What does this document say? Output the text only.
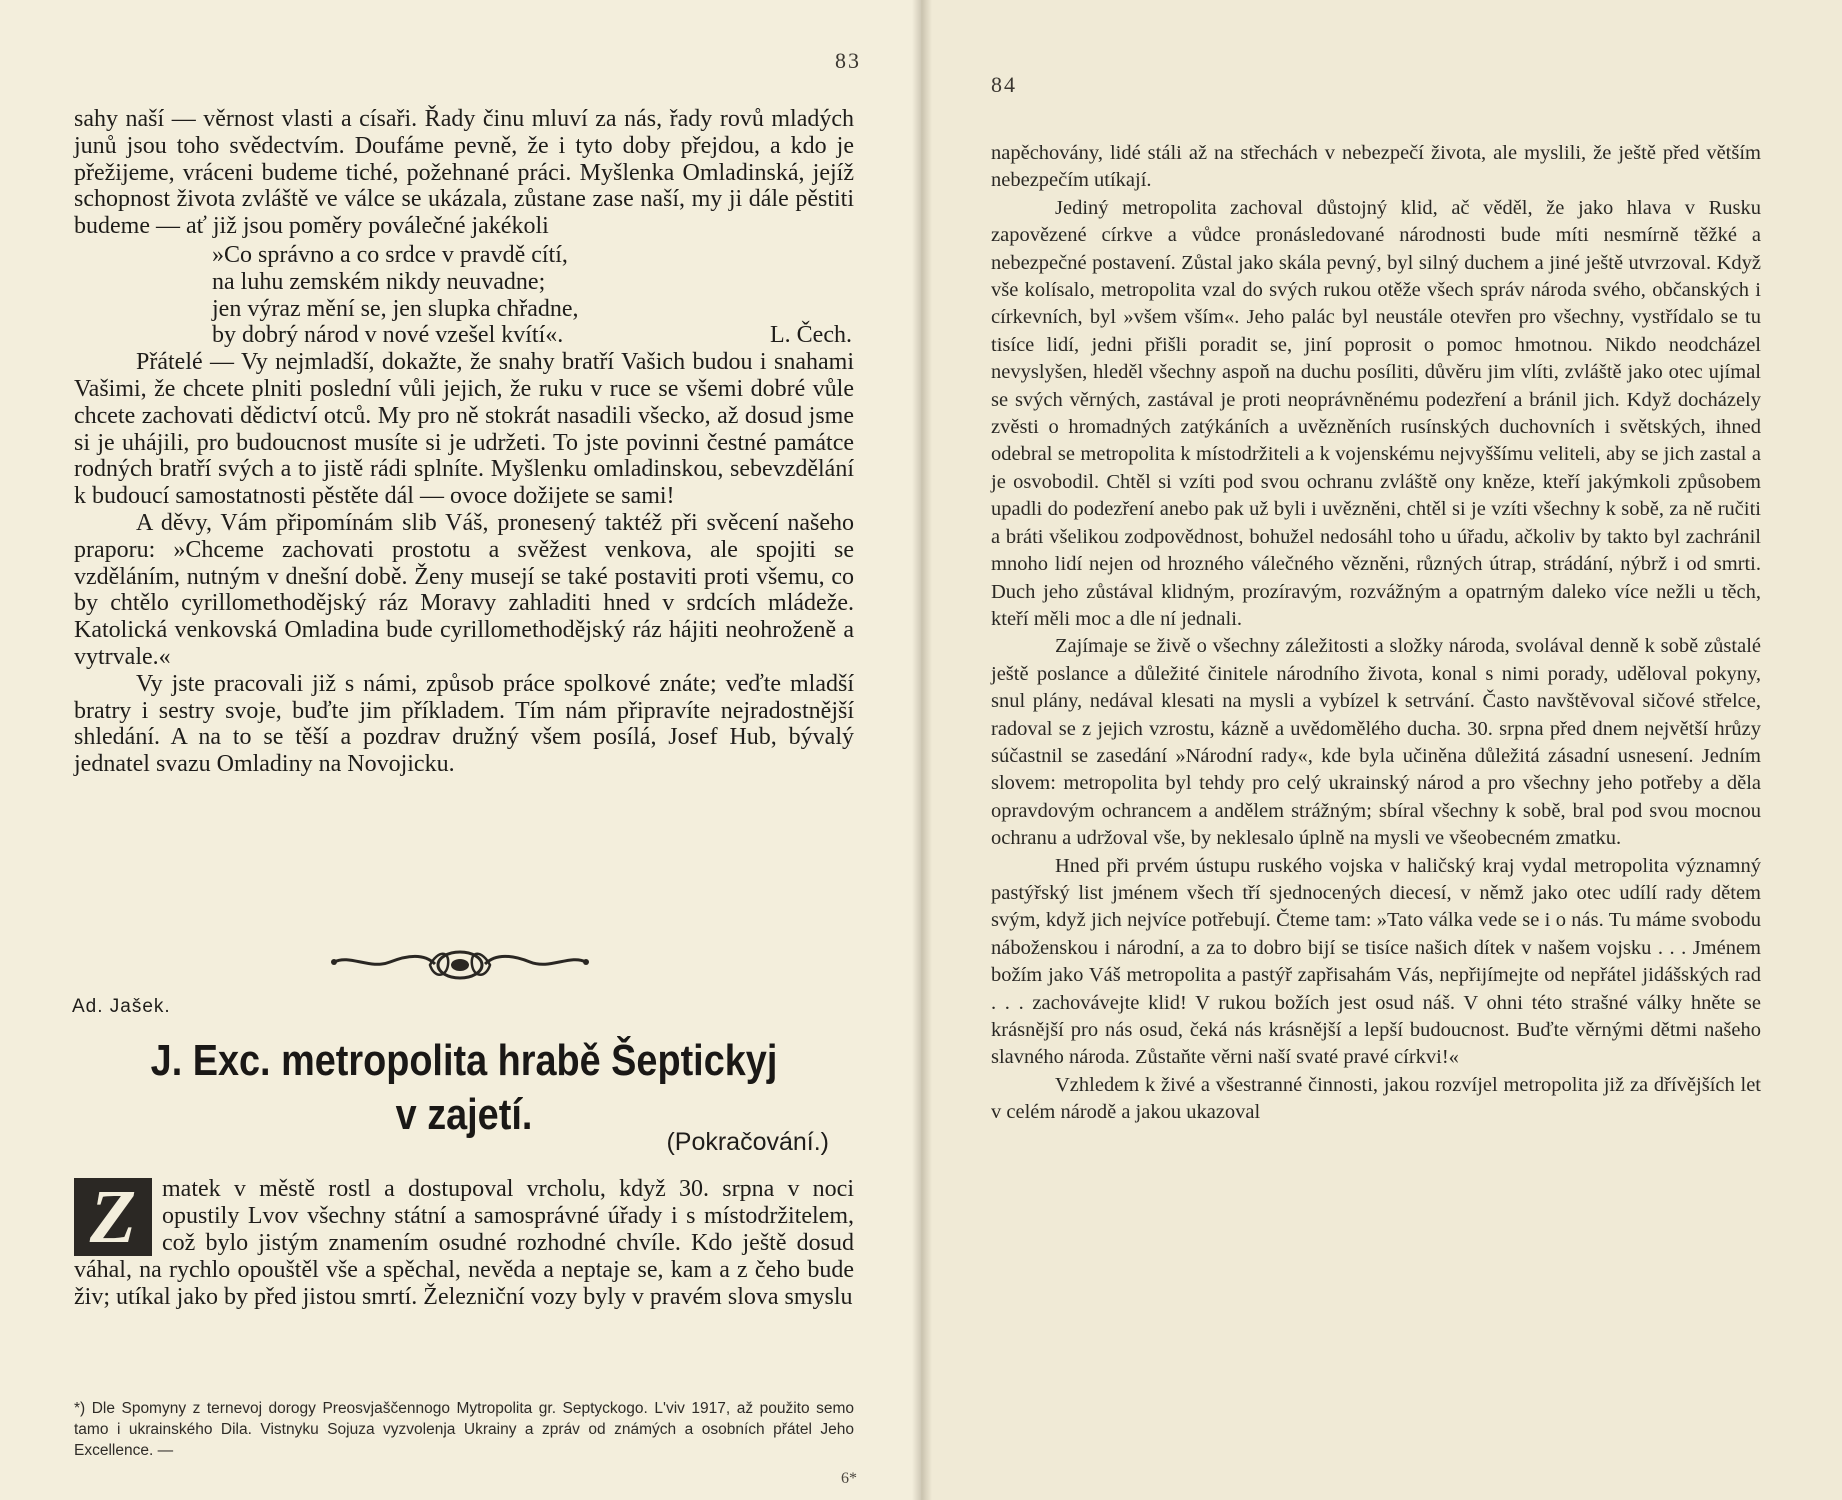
83

sahy naší — věrnost vlasti a císaři. Řady činu mluví za nás, řady rovů mladých junů jsou toho svědectvím. Doufáme pevně, že i tyto doby přejdou, a kdo je přežijeme, vráceni budeme tiché, požehnané práci. Myšlenka Omladinská, jejíž schopnost života zvláště ve válce se ukázala, zůstane zase naší, my ji dále pěstiti budeme — ať již jsou poměry poválečné jakékoli

»Co správno a co srdce v pravdě cítí,
na luhu zemském nikdy neuvadne;
jen výraz mění se, jen slupka chřadne,
by dobrý národ v nové vzešel kvítí«.	L. Čech.

Přátelé — Vy nejmladší, dokažte, že snahy bratří Vašich budou i snahami Vašimi, že chcete plniti poslední vůli jejich, že ruku v ruce se všemi dobré vůle chcete zachovati dědictví otců. My pro ně stokrát nasadili všecko, až dosud jsme si je uhájili, pro budoucnost musíte si je udržeti. To jste povinni čestné památce rodných bratří svých a to jistě rádi splníte. Myšlenku omladinskou, sebevzdělání k budoucí samostatnosti pěstěte dál — ovoce dožijete se sami!

A děvy, Vám připomínám slib Váš, pronesený taktéž při svěcení našeho praporu: »Chceme zachovati prostotu a svěžest venkova, ale spojiti se vzděláním, nutným v dnešní době. Ženy musejí se také postaviti proti všemu, co by chtělo cyrillomethodějský ráz Moravy zahladiti hned v srdcích mládeže. Katolická venkovská Omladina bude cyrillomethodějský ráz hájiti neohroženě a vytrvale.«

Vy jste pracovali již s námi, způsob práce spolkové znáte; veďte mladší bratry i sestry svoje, buďte jim příkladem. Tím nám připravíte nejradostnější shledání. A na to se těší a pozdrav družný všem posílá, Josef Hub, bývalý jednatel svazu Omladiny na Novojicku.

Ad. Jašek.
J. Exc. metropolita hrabě Šeptickyj
v zajetí.
(Pokračování.)
Z	matek v městě rostl a dostupoval vrcholu, když 30. srpna v noci opustily Lvov všechny státní a samosprávné úřady i s místodržitelem, což bylo jistým znamením osudné rozhodné chvíle. Kdo ještě dosud váhal, na rychlo opouštěl vše a spěchal, nevěda a neptaje se, kam a z čeho bude živ; utíkal jako by před jistou smrtí. Železniční vozy byly v pravém slova smyslu
*) Dle Spomyny z ternevoj dorogy Preosvjaščennogo Mytropolita gr. Septyckogo. L'viv 1917, až použito semo tamo i ukrainského Dila. Vistnyku Sojuza vyzvolenja Ukrainy a zpráv od známých a osobních přátel Jeho Excellence. —
6*
84

napěchovány, lidé stáli až na střechách v nebezpečí života, ale myslili, že ještě před větším nebezpečím utíkají.

Jediný metropolita zachoval důstojný klid, ač věděl, že jako hlava v Rusku zapovězené církve a vůdce pronásledované národnosti bude míti nesmírně těžké a nebezpečné postavení. Zůstal jako skála pevný, byl silný duchem a jiné ještě utvrzoval. Když vše kolísalo, metropolita vzal do svých rukou otěže všech správ národa svého, občanských i církevních, byl »všem vším«. Jeho palác byl neustále otevřen pro všechny, vystřídalo se tu tisíce lidí, jedni přišli poradit se, jiní poprosit o pomoc hmotnou. Nikdo neodcházel nevyslyšen, hleděl všechny aspoň na duchu posíliti, důvěru jim vlíti, zvláště jako otec ujímal se svých věrných, zastával je proti neoprávněnému podezření a bránil jich. Když docházely zvěsti o hromadných zatýkáních a uvězněních rusínských duchovních i světských, ihned odebral se metropolita k místodržiteli a k vojenskému nejvyššímu veliteli, aby se jich zastal a je osvobodil. Chtěl si vzíti pod svou ochranu zvláště ony kněze, kteří jakýmkoli způsobem upadli do podezření anebo pak už byli i uvězněni, chtěl si je vzíti všechny k sobě, za ně ručiti a bráti všelikou zodpovědnost, bohužel nedosáhl toho u úřadu, ačkoliv by takto byl zachránil mnoho lidí nejen od hrozného válečného vězněni, různých útrap, strádání, nýbrž i od smrti. Duch jeho zůstával klidným, prozíravým, rozvážným a opatrným daleko více nežli u těch, kteří měli moc a dle ní jednali.

Zajímaje se živě o všechny záležitosti a složky národa, svolával denně k sobě zůstalé ještě poslance a důležité činitele národního života, konal s nimi porady, uděloval pokyny, snul plány, nedával klesati na mysli a vybízel k setrvání. Často navštěvoval sičové střelce, radoval se z jejich vzrostu, kázně a uvědomělého ducha. 30. srpna před dnem největší hrůzy súčastnil se zasedání »Národní rady«, kde byla učiněna důležitá zásadní usnesení. Jedním slovem: metropolita byl tehdy pro celý ukrainský národ a pro všechny jeho potřeby a děla opravdovým ochrancem a andělem strážným; sbíral všechny k sobě, bral pod svou mocnou ochranu a udržoval vše, by neklesalo úplně na mysli ve všeobecném zmatku.

Hned při prvém ústupu ruského vojska v haličský kraj vydal metropolita významný pastýřský list jménem všech tří sjednocených diecesí, v němž jako otec udílí rady dětem svým, když jich nejvíce potřebují. Čteme tam: »Tato válka vede se i o nás. Tu máme svobodu náboženskou i národní, a za to dobro bijí se tisíce našich dítek v našem vojsku . . . Jménem božím jako Váš metropolita a pastýř zapřisahám Vás, nepřijímejte od nepřátel jidášských rad . . . zachovávejte klid! V rukou božích jest osud náš. V ohni této strašné války hněte se krásnější pro nás osud, čeká nás krásnější a lepší budoucnost. Buďte věrnými dětmi našeho slavného národa. Zůstaňte věrni naší svaté pravé církvi!«

Vzhledem k živé a všestranné činnosti, jakou rozvíjel metropolita již za dřívějších let v celém národě a jakou ukazoval
